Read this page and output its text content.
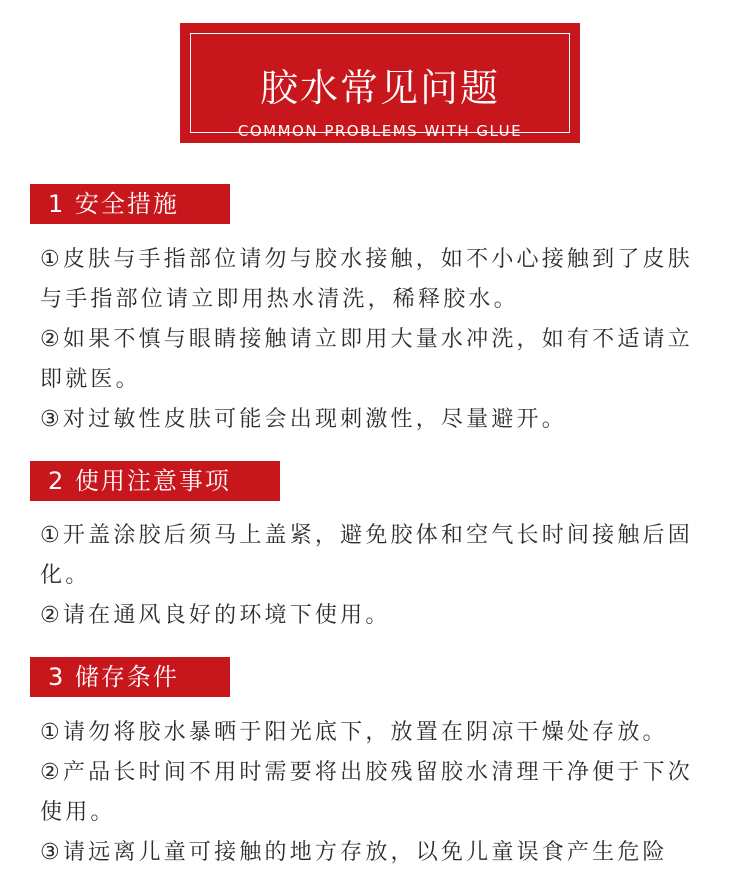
胶水常见问题
COMMON PROBLEMS WITH GLUE
1 安全措施

①皮肤与手指部位请勿与胶水接触，如不小心接触到了皮肤与手指部位请立即用热水清洗，稀释胶水。

②如果不慎与眼睛接触请立即用大量水冲洗，如有不适请立即就医。

③对过敏性皮肤可能会出现刺激性，尽量避开。

2 使用注意事项

①开盖涂胶后须马上盖紧，避免胶体和空气长时间接触后固化。

②请在通风良好的环境下使用。

3 储存条件

①请勿将胶水暴晒于阳光底下，放置在阴凉干燥处存放。

②产品长时间不用时需要将出胶残留胶水清理干净便于下次使用。

③请远离儿童可接触的地方存放，以免儿童误食产生危险
